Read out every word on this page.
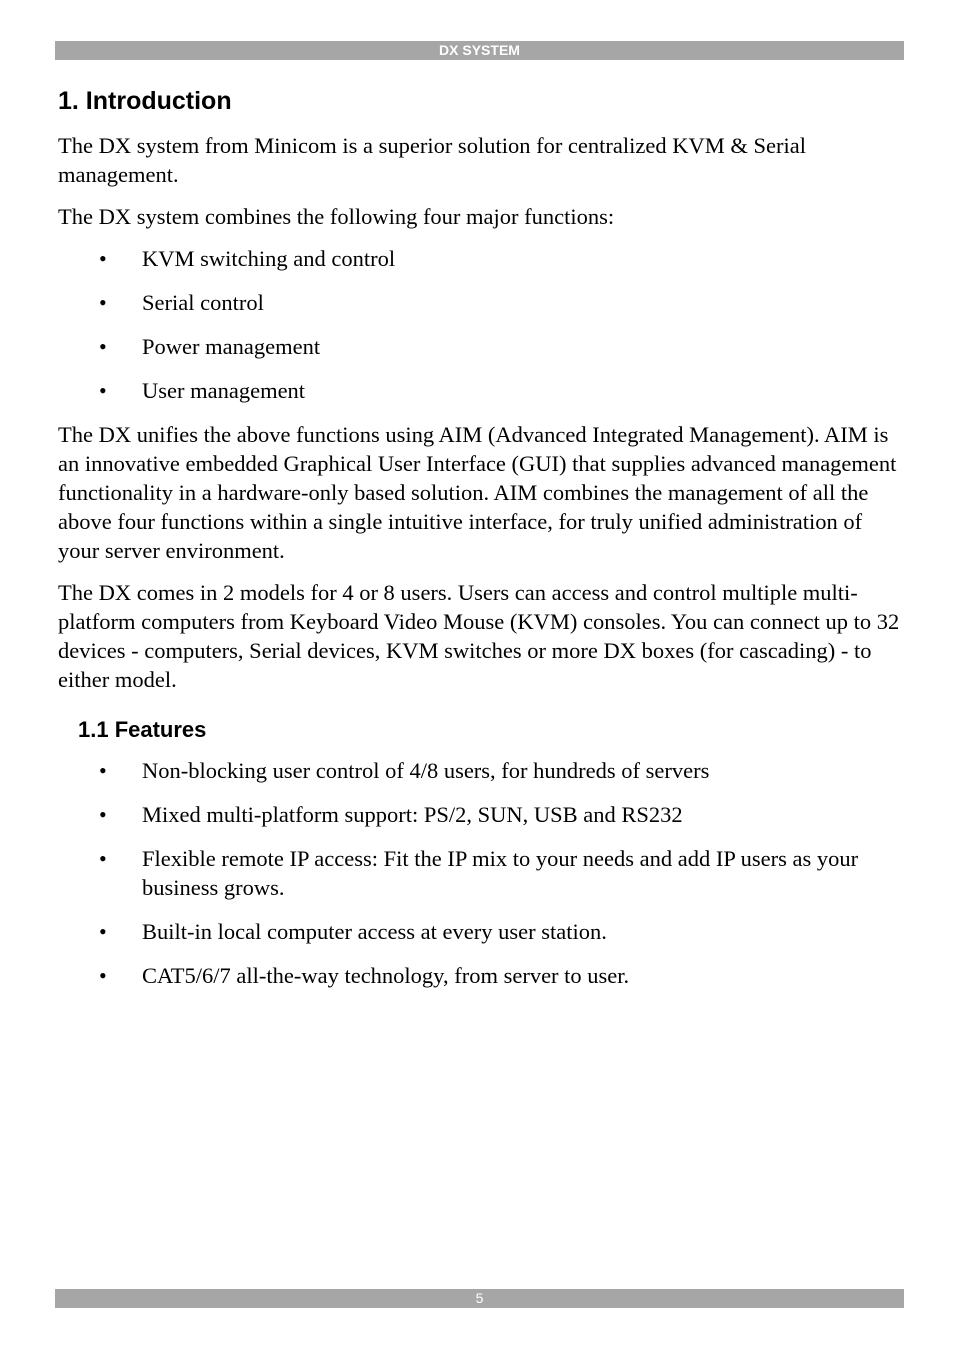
DX SYSTEM
1. Introduction

The DX system from Minicom is a superior solution for centralized KVM & Serial management.

The DX system combines the following four major functions:

• KVM switching and control
• Serial control
• Power management
• User management

The DX unifies the above functions using AIM (Advanced Integrated Management). AIM is an innovative embedded Graphical User Interface (GUI) that supplies advanced management functionality in a hardware-only based solution. AIM combines the management of all the above four functions within a single intuitive interface, for truly unified administration of your server environment.

The DX comes in 2 models for 4 or 8 users. Users can access and control multiple multi-platform computers from Keyboard Video Mouse (KVM) consoles. You can connect up to 32 devices - computers, Serial devices, KVM switches or more DX boxes (for cascading) - to either model.

1.1 Features
• Non-blocking user control of 4/8 users, for hundreds of servers
• Mixed multi-platform support: PS/2, SUN, USB and RS232
• Flexible remote IP access: Fit the IP mix to your needs and add IP users as your business grows.
• Built-in local computer access at every user station.
• CAT5/6/7 all-the-way technology, from server to user.
5
